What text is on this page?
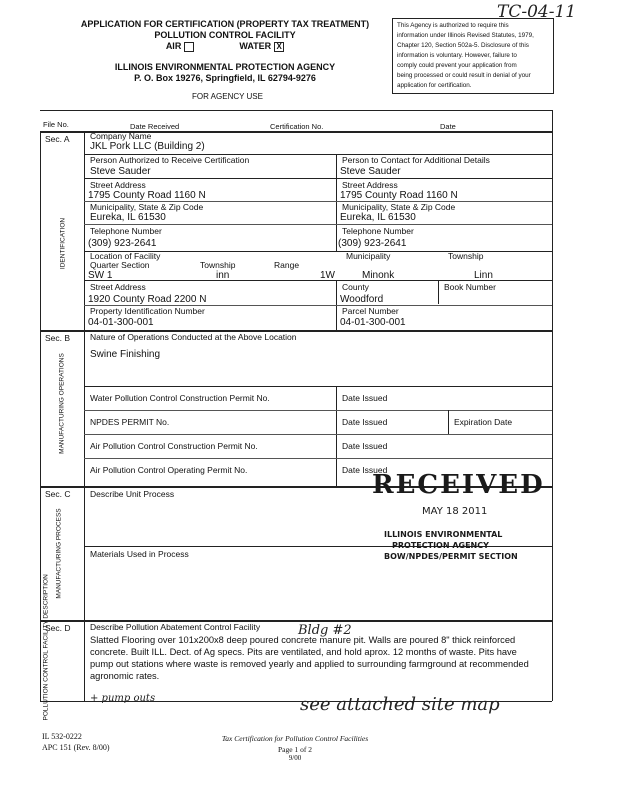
APPLICATION FOR CERTIFICATION (PROPERTY TAX TREATMENT)
POLLUTION CONTROL FACILITY
AIR	WATER X
ILLINOIS ENVIRONMENTAL PROTECTION AGENCY
P. O. Box 19276, Springfield, IL 62794-9276
FOR AGENCY USE
This Agency is authorized to require this
information under Illinois Revised Statutes, 1979,
Chapter 120, Section 502a-5. Disclosure of this
information is voluntary. However, failure to
comply could prevent your application from
being processed or could result in denial of your
application for certification.
TC-04-11
File No.	Date Received	Certification No.	Date
Sec. A
IDENTIFICATION
Company Name
JKL Pork LLC (Building 2)
Person Authorized to Receive Certification	Person to Contact for Additional Details
Steve Sauder	Steve Sauder
Street Address	Street Address
1795 County Road 1160 N	1795 County Road 1160 N
Municipality, State & Zip Code	Municipality, State & Zip Code
Eureka, IL 61530	Eureka, IL 61530
Telephone Number	Telephone Number
(309) 923-2641	(309) 923-2641
Location of Facility
Quarter Section	Township	Range
Municipality	Township
SW 1	inn	1W	Minonk	Linn
Street Address	County	Book Number
1920 County Road 2200 N	Woodford
Property Identification Number	Parcel Number
04-01-300-001	04-01-300-001
Sec. B
MANUFACTURING OPERATIONS
Nature of Operations Conducted at the Above Location
Swine Finishing
Water Pollution Control Construction Permit No.	Date Issued
NPDES PERMIT No.	Date Issued	Expiration Date
Air Pollution Control Construction Permit No.	Date Issued
Air Pollution Control Operating Permit No.	Date Issued
Sec. C
MANUFACTURING PROCESS
Describe Unit Process
Materials Used in Process
RECEIVED
MAY 18 2011
ILLINOIS ENVIRONMENTAL
PROTECTION AGENCY
BOW/NPDES/PERMIT SECTION
Sec. D
POLLUTION CONTROL FACILITY DESCRIPTION	Describe Pollution Abatement Control Facility	Bldg #2
Slatted Flooring over 101x200x8 deep poured concrete manure pit. Walls are poured 8" thick reinforced
concrete. Built ILL. Dect. of Ag specs. Pits are ventilated, and hold aprox. 12 months of waste. Pits have
pump out stations where waste is removed yearly and applied to surrounding farmground at recommended
agronomic rates.
+ pump outs	see attached site map
IL 532-0222
APC 151 (Rev. 8/00)
Tax Certification for Pollution Control Facilities
Page 1 of 2
9/00
